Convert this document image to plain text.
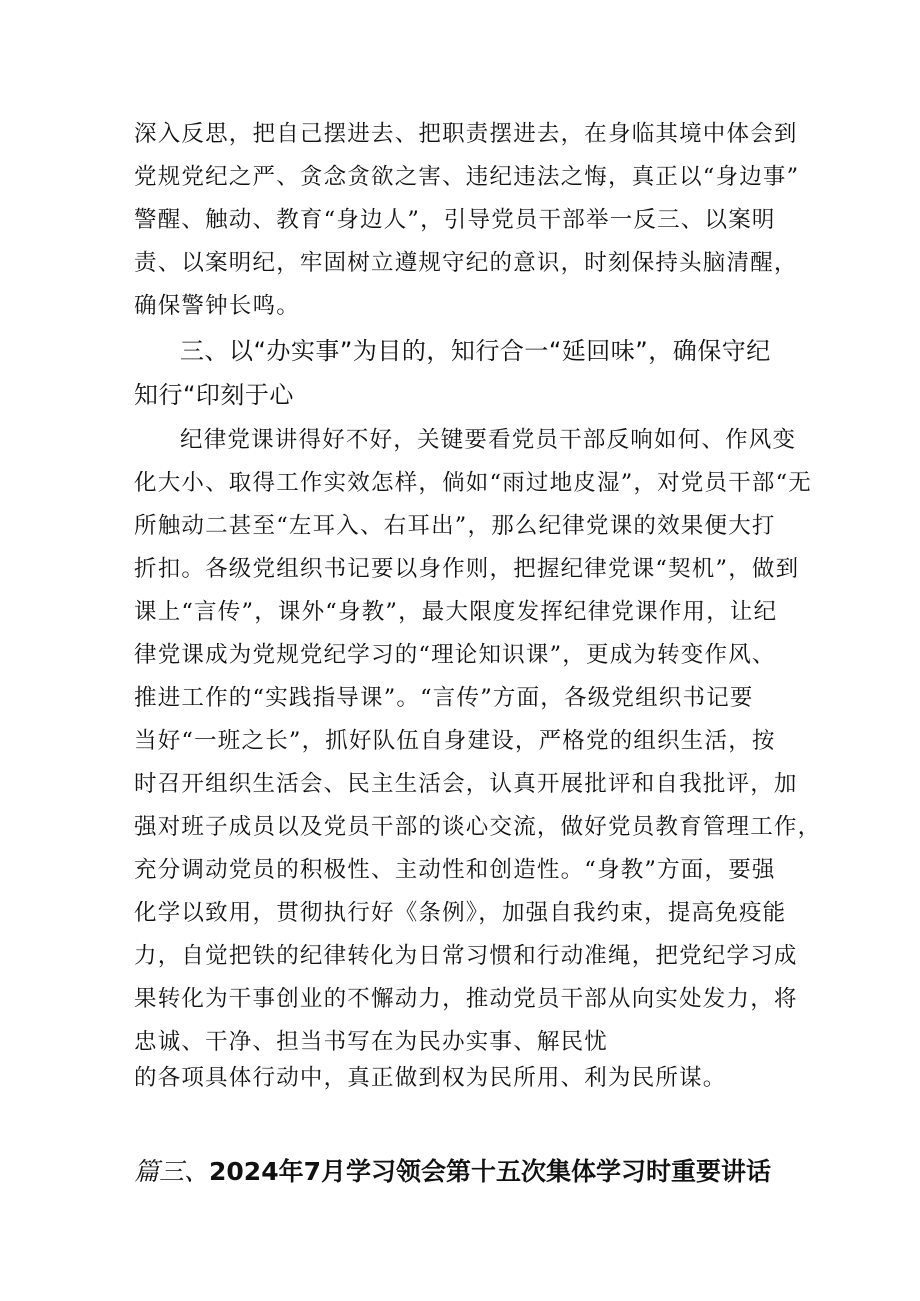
深入反思，把自己摆进去、把职责摆进去，在身临其境中体会到
党规党纪之严、贪念贪欲之害、违纪违法之悔，真正以“身边事”
警醒、触动、教育“身边人”，引导党员干部举一反三、以案明
责、以案明纪，牢固树立遵规守纪的意识，时刻保持头脑清醒，
确保警钟长鸣。
三、以“办实事”为目的，知行合一“延回味”，确保守纪
知行“印刻于心
纪律党课讲得好不好，关键要看党员干部反响如何、作风变
化大小、取得工作实效怎样，倘如“雨过地皮湿”，对党员干部“无
所触动二甚至“左耳入、右耳出”，那么纪律党课的效果便大打
折扣。各级党组织书记要以身作则，把握纪律党课“契机”，做到
课上“言传”，课外“身教”，最大限度发挥纪律党课作用，让纪
律党课成为党规党纪学习的“理论知识课”，更成为转变作风、
推进工作的“实践指导课”。“言传”方面，各级党组织书记要
当好“一班之长”，抓好队伍自身建设，严格党的组织生活，按
时召开组织生活会、民主生活会，认真开展批评和自我批评，加
强对班子成员以及党员干部的谈心交流，做好党员教育管理工作，
充分调动党员的积极性、主动性和创造性。“身教”方面，要强
化学以致用，贯彻执行好《条例》，加强自我约束，提高免疫能
力，自觉把铁的纪律转化为日常习惯和行动准绳，把党纪学习成
果转化为干事创业的不懈动力，推动党员干部从向实处发力，将
忠诚、干净、担当书写在为民办实事、解民忧
的各项具体行动中，真正做到权为民所用、利为民所谋。
篇三、2024年7月学习领会第十五次集体学习时重要讲话
